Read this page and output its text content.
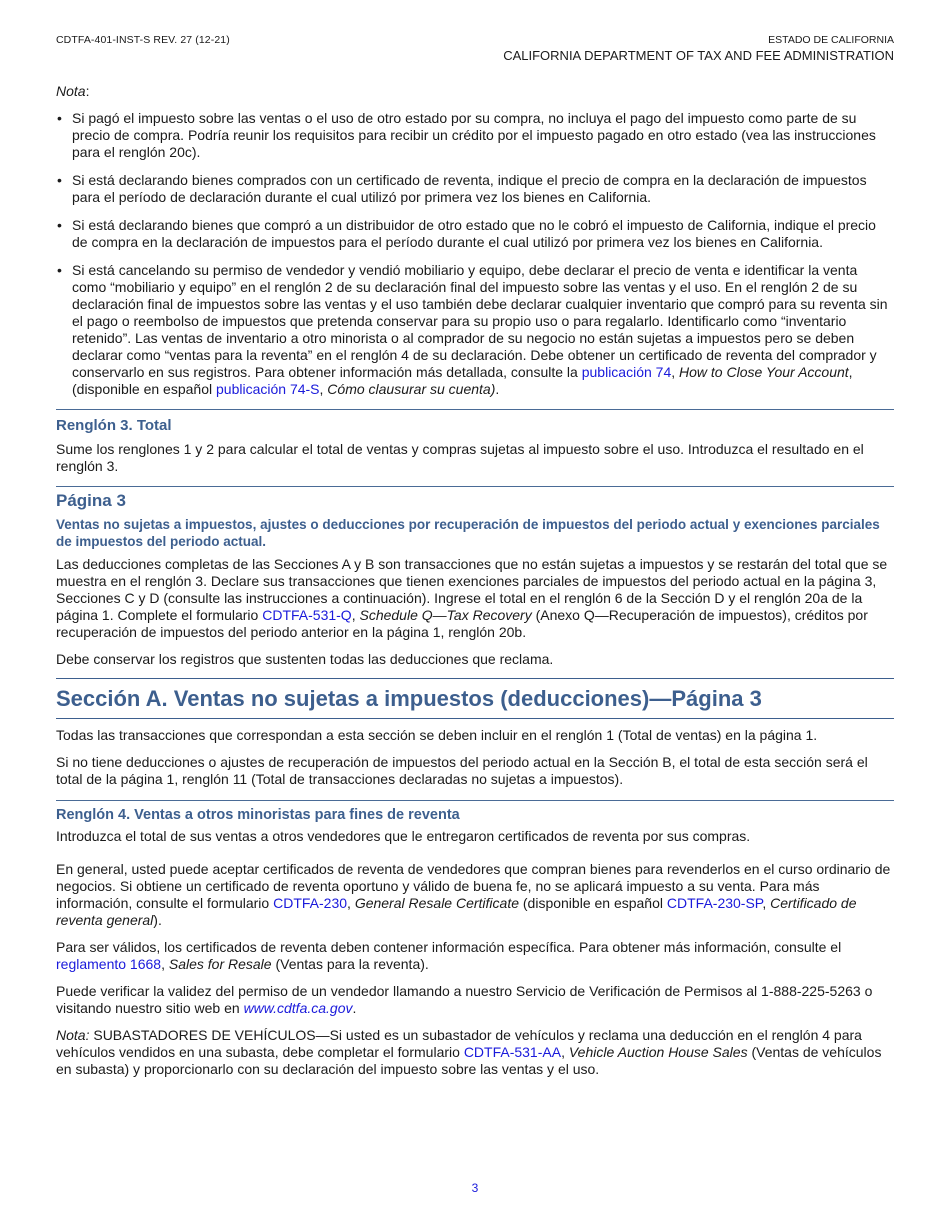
CDTFA-401-INST-S REV. 27 (12-21)	ESTADO DE CALIFORNIA
CALIFORNIA DEPARTMENT OF TAX AND FEE ADMINISTRATION

Nota:

• Si pagó el impuesto sobre las ventas o el uso de otro estado por su compra, no incluya el pago del impuesto como parte de su precio de compra. Podría reunir los requisitos para recibir un crédito por el impuesto pagado en otro estado (vea las instrucciones para el renglón 20c).
• Si está declarando bienes comprados con un certificado de reventa, indique el precio de compra en la declaración de impuestos para el período de declaración durante el cual utilizó por primera vez los bienes en California.
• Si está declarando bienes que compró a un distribuidor de otro estado que no le cobró el impuesto de California, indique el precio de compra en la declaración de impuestos para el período durante el cual utilizó por primera vez los bienes en California.
• Si está cancelando su permiso de vendedor y vendió mobiliario y equipo, debe declarar el precio de venta e identificar la venta como “mobiliario y equipo” en el renglón 2 de su declaración final del impuesto sobre las ventas y el uso. En el renglón 2 de su declaración final de impuestos sobre las ventas y el uso también debe declarar cualquier inventario que compró para su reventa sin el pago o reembolso de impuestos que pretenda conservar para su propio uso o para regalarlo. Identificarlo como “inventario retenido”. Las ventas de inventario a otro minorista o al comprador de su negocio no están sujetas a impuestos pero se deben declarar como “ventas para la reventa” en el renglón 4 de su declaración. Debe obtener un certificado de reventa del comprador y conservarlo en sus registros. Para obtener información más detallada, consulte la publicación 74, How to Close Your Account, (disponible en español publicación 74-S, Cómo clausurar su cuenta).
Renglón 3. Total

Sume los renglones 1 y 2 para calcular el total de ventas y compras sujetas al impuesto sobre el uso. Introduzca el resultado en el renglón 3.

Página 3
Ventas no sujetas a impuestos, ajustes o deducciones por recuperación de impuestos del periodo actual y exenciones parciales de impuestos del periodo actual.

Las deducciones completas de las Secciones A y B son transacciones que no están sujetas a impuestos y se restarán del total que se muestra en el renglón 3. Declare sus transacciones que tienen exenciones parciales de impuestos del periodo actual en la página 3, Secciones C y D (consulte las instrucciones a continuación). Ingrese el total en el renglón 6 de la Sección D y el renglón 20a de la página 1. Complete el formulario CDTFA-531-Q, Schedule Q—Tax Recovery (Anexo Q—Recuperación de impuestos), créditos por recuperación de impuestos del periodo anterior en la página 1, renglón 20b.

Debe conservar los registros que sustenten todas las deducciones que reclama.

Sección A. Ventas no sujetas a impuestos (deducciones)—Página 3

Todas las transacciones que correspondan a esta sección se deben incluir en el renglón 1 (Total de ventas) en la página 1.

Si no tiene deducciones o ajustes de recuperación de impuestos del periodo actual en la Sección B, el total de esta sección será el total de la página 1, renglón 11 (Total de transacciones declaradas no sujetas a impuestos).

Renglón 4. Ventas a otros minoristas para fines de reventa

Introduzca el total de sus ventas a otros vendedores que le entregaron certificados de reventa por sus compras.

En general, usted puede aceptar certificados de reventa de vendedores que compran bienes para revenderlos en el curso ordinario de negocios. Si obtiene un certificado de reventa oportuno y válido de buena fe, no se aplicará impuesto a su venta. Para más información, consulte el formulario CDTFA-230, General Resale Certificate (disponible en español CDTFA-230-SP, Certificado de reventa general).

Para ser válidos, los certificados de reventa deben contener información específica. Para obtener más información, consulte el reglamento 1668, Sales for Resale (Ventas para la reventa).

Puede verificar la validez del permiso de un vendedor llamando a nuestro Servicio de Verificación de Permisos al 1-888-225-5263 o visitando nuestro sitio web en www.cdtfa.ca.gov.

Nota: SUBASTADORES DE VEHÍCULOS—Si usted es un subastador de vehículos y reclama una deducción en el renglón 4 para vehículos vendidos en una subasta, debe completar el formulario CDTFA-531-AA, Vehicle Auction House Sales (Ventas de vehículos en subasta) y proporcionarlo con su declaración del impuesto sobre las ventas y el uso.

3
